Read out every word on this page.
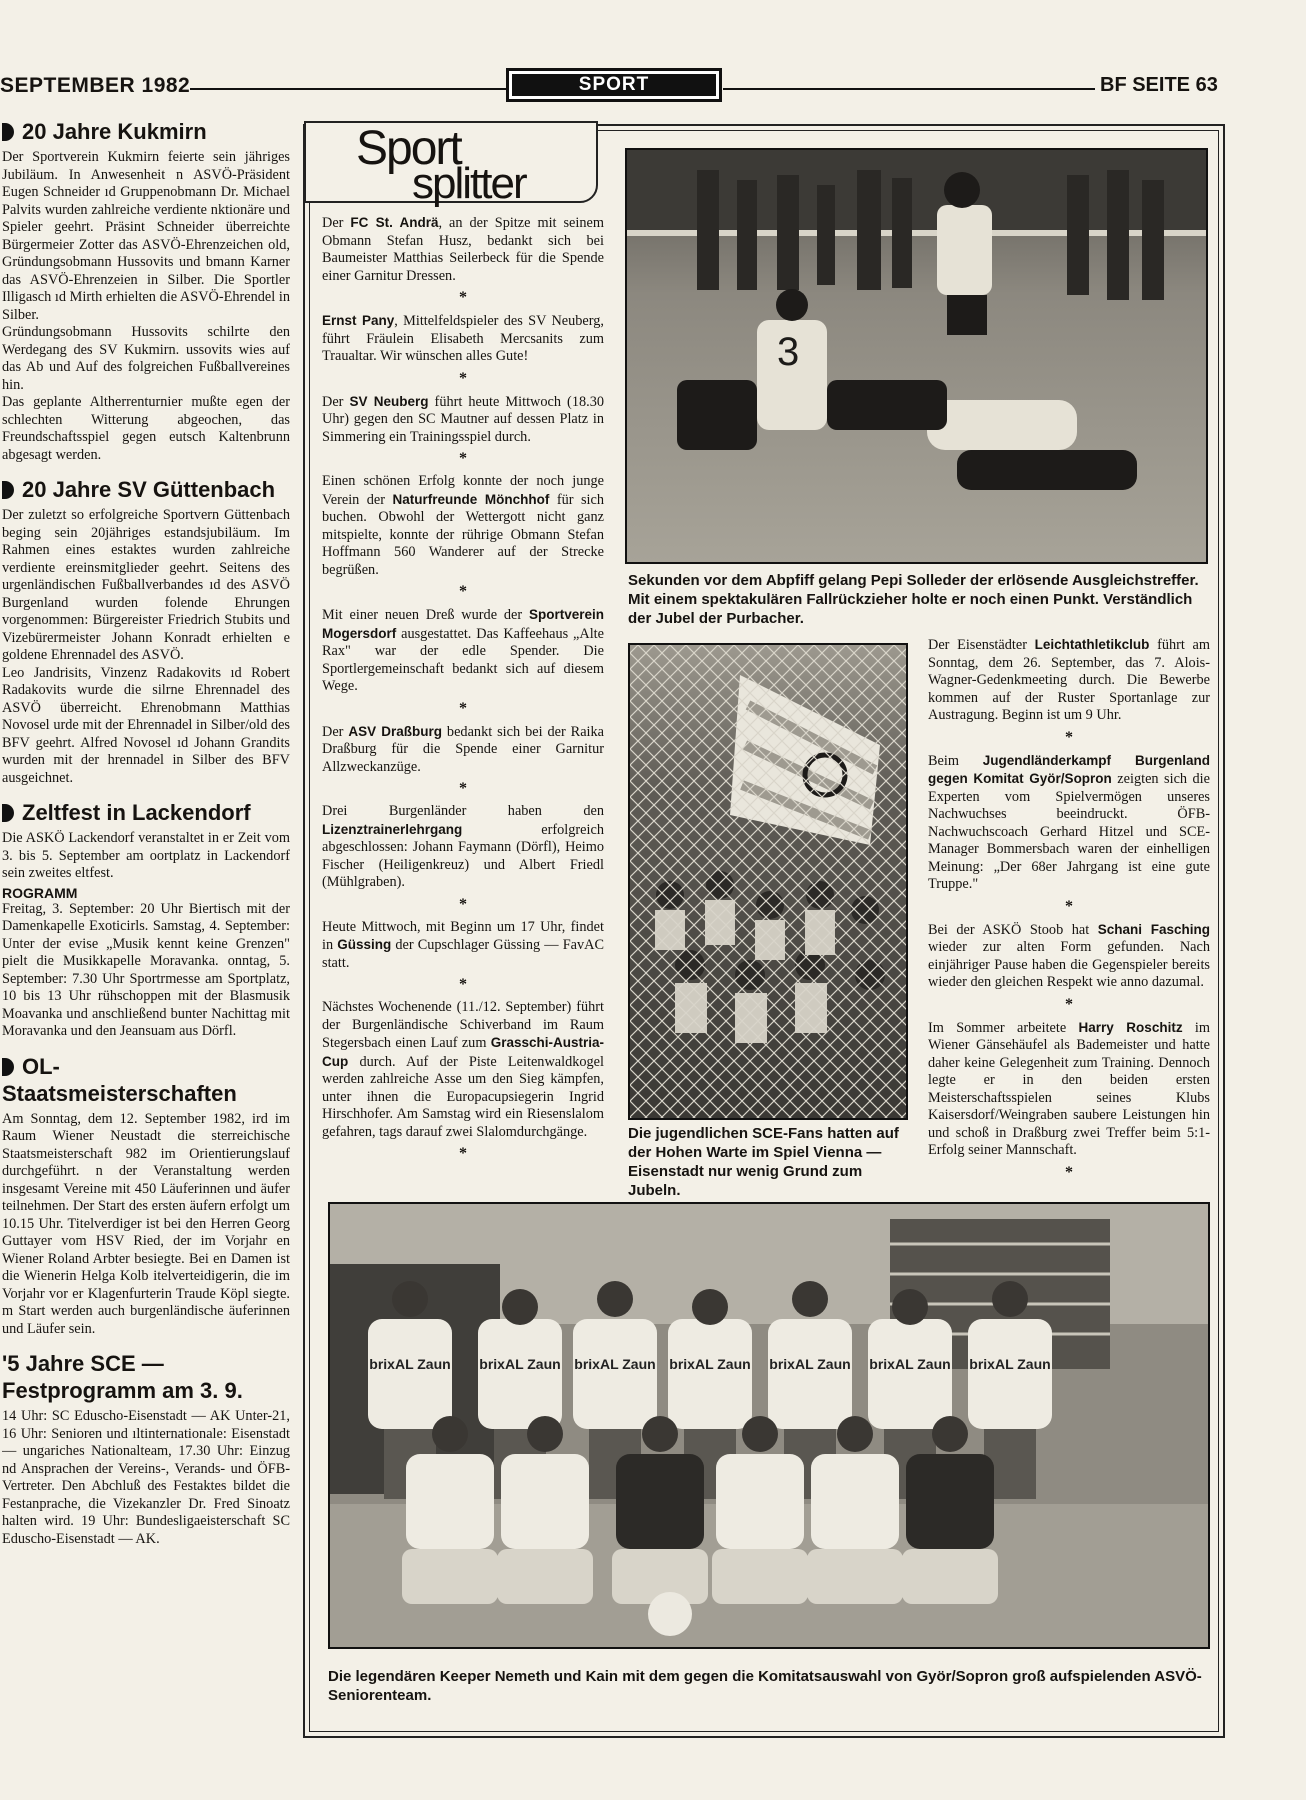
SEPTEMBER 1982	SPORT	BF SEITE 63
20 Jahre Kukmirn

Der Sportverein Kukmirn feierte sein jähriges Jubiläum. In Anwesenheit n ASVÖ-Präsident Eugen Schneider ıd Gruppenobmann Dr. Michael Palvits wurden zahlreiche verdiente nktionäre und Spieler geehrt. Präsint Schneider überreichte Bürgermeier Zotter das ASVÖ-Ehrenzeichen old, Gründungsobmann Hussovits und bmann Karner das ASVÖ-Ehrenzeien in Silber. Die Sportler Illigasch ıd Mirth erhielten die ASVÖ-Ehrendel in Silber.
Gründungsobmann Hussovits schilrte den Werdegang des SV Kukmirn. ussovits wies auf das Ab und Auf des folgreichen Fußballvereines hin.
Das geplante Altherrenturnier mußte egen der schlechten Witterung abgeochen, das Freundschaftsspiel gegen eutsch Kaltenbrunn abgesagt werden.

20 Jahre SV Güttenbach

Der zuletzt so erfolgreiche Sportvern Güttenbach beging sein 20jähriges estandsjubiläum. Im Rahmen eines estaktes wurden zahlreiche verdiente ereinsmitglieder geehrt. Seitens des urgenländischen Fußballverbandes ıd des ASVÖ Burgenland wurden folende Ehrungen vorgenommen: Bürgereister Friedrich Stubits und Vizebürermeister Johann Konradt erhielten e goldene Ehrennadel des ASVÖ.
Leo Jandrisits, Vinzenz Radakovits ıd Robert Radakovits wurde die silrne Ehrennadel des ASVÖ überreicht. Ehrenobmann Matthias Novosel urde mit der Ehrennadel in Silber/old des BFV geehrt. Alfred Novosel ıd Johann Grandits wurden mit der hrennadel in Silber des BFV ausgeichnet.

Zeltfest in Lackendorf

Die ASKÖ Lackendorf veranstaltet in er Zeit vom 3. bis 5. September am oortplatz in Lackendorf sein zweites eltfest.

ROGRAMM

Freitag, 3. September: 20 Uhr Biertisch mit der Damenkapelle Exoticirls. Samstag, 4. September: Unter der evise „Musik kennt keine Grenzen" pielt die Musikkapelle Moravanka. onntag, 5. September: 7.30 Uhr Sportrmesse am Sportplatz, 10 bis 13 Uhr rühschoppen mit der Blasmusik Moavanka und anschließend bunter Nachittag mit Moravanka und den Jeansuam aus Dörfl.

OL-Staatsmeisterschaften

Am Sonntag, dem 12. September 1982, ird im Raum Wiener Neustadt die sterreichische Staatsmeisterschaft 982 im Orientierungslauf durchgeführt. n der Veranstaltung werden insgesamt Vereine mit 450 Läuferinnen und äufer teilnehmen. Der Start des ersten äufern erfolgt um 10.15 Uhr. Titelverdiger ist bei den Herren Georg Guttayer vom HSV Ried, der im Vorjahr en Wiener Roland Arbter besiegte. Bei en Damen ist die Wienerin Helga Kolb itelverteidigerin, die im Vorjahr vor er Klagenfurterin Traude Köpl siegte. m Start werden auch burgenländische äuferinnen und Läufer sein.

'5 Jahre SCE — Festprogramm am 3. 9.

14 Uhr: SC Eduscho-Eisenstadt — AK Unter-21, 16 Uhr: Senioren und ıltinternationale: Eisenstadt — ungariches Nationalteam, 17.30 Uhr: Einzug nd Ansprachen der Vereins-, Verands- und ÖFB-Vertreter. Den Abchluß des Festaktes bildet die Festanprache, die Vizekanzler Dr. Fred Sinoatz halten wird. 19 Uhr: Bundesligaeisterschaft SC Eduscho-Eisenstadt — AK.

Sport
splitter

Der FC St. Andrä, an der Spitze mit seinem Obmann Stefan Husz, bedankt sich bei Baumeister Matthias Seilerbeck für die Spende einer Garnitur Dressen.

*

Ernst Pany, Mittelfeldspieler des SV Neuberg, führt Fräulein Elisabeth Mercsanits zum Traualtar. Wir wünschen alles Gute!

*

Der SV Neuberg führt heute Mittwoch (18.30 Uhr) gegen den SC Mautner auf dessen Platz in Simmering ein Trainingsspiel durch.

*

Einen schönen Erfolg konnte der noch junge Verein der Naturfreunde Mönchhof für sich buchen. Obwohl der Wettergott nicht ganz mitspielte, konnte der rührige Obmann Stefan Hoffmann 560 Wanderer auf der Strecke begrüßen.

*

Mit einer neuen Dreß wurde der Sportverein Mogersdorf ausgestattet. Das Kaffeehaus „Alte Rax" war der edle Spender. Die Sportlergemeinschaft bedankt sich auf diesem Wege.

*

Der ASV Draßburg bedankt sich bei der Raika Draßburg für die Spende einer Garnitur Allzweckanzüge.

*

Drei Burgenländer haben den Lizenztrainerlehrgang erfolgreich abgeschlossen: Johann Faymann (Dörfl), Heimo Fischer (Heiligenkreuz) und Albert Friedl (Mühlgraben).

*

Heute Mittwoch, mit Beginn um 17 Uhr, findet in Güssing der Cupschlager Güssing — FavAC statt.

*

Nächstes Wochenende (11./12. September) führt der Burgenländische Schiverband im Raum Stegersbach einen Lauf zum Grasschi-Austria-Cup durch. Auf der Piste Leitenwaldkogel werden zahlreiche Asse um den Sieg kämpfen, unter ihnen die Europacupsiegerin Ingrid Hirschhofer. Am Samstag wird ein Riesenslalom gefahren, tags darauf zwei Slalomdurchgänge.

*
3
Sekunden vor dem Abpfiff gelang Pepi Solleder der erlösende Ausgleichstreffer. Mit einem spektakulären Fallrückzieher holte er noch einen Punkt. Verständlich der Jubel der Purbacher.
Die jugendlichen SCE-Fans hatten auf der Hohen Warte im Spiel Vienna — Eisenstadt nur wenig Grund zum Jubeln.

Der Eisenstädter Leichtathletikclub führt am Sonntag, dem 26. September, das 7. Alois-Wagner-Gedenkmeeting durch. Die Bewerbe kommen auf der Ruster Sportanlage zur Austragung. Beginn ist um 9 Uhr.

*

Beim Jugendländerkampf Burgenland gegen Komitat Györ/Sopron zeigten sich die Experten vom Spielvermögen unseres Nachwuchses beeindruckt. ÖFB-Nachwuchscoach Gerhard Hitzel und SCE-Manager Bommersbach waren der einhelligen Meinung: „Der 68er Jahrgang ist eine gute Truppe."

*

Bei der ASKÖ Stoob hat Schani Fasching wieder zur alten Form gefunden. Nach einjähriger Pause haben die Gegenspieler bereits wieder den gleichen Respekt wie anno dazumal.

*

Im Sommer arbeitete Harry Roschitz im Wiener Gänsehäufel als Bademeister und hatte daher keine Gelegenheit zum Training. Dennoch legte er in den beiden ersten Meisterschaftsspielen seines Klubs Kaisersdorf/Weingraben saubere Leistungen hin und schoß in Draßburg zwei Treffer beim 5:1-Erfolg seiner Mannschaft.

*
brixAL Zaun brixAL Zaun brixAL Zaun brixAL Zaun brixAL Zaun brixAL Zaun brixAL Zaun
Die legendären Keeper Nemeth und Kain mit dem gegen die Komitatsauswahl von Györ/Sopron groß aufspielenden ASVÖ-Seniorenteam.
